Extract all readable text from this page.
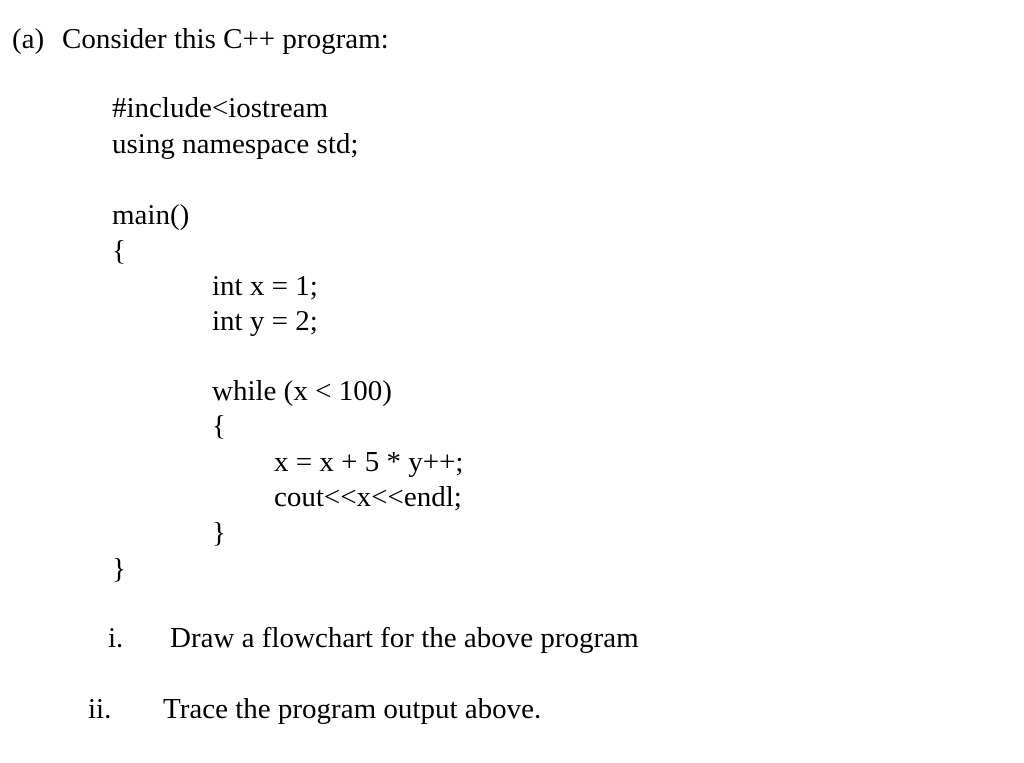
(a) Consider this C++ program:
#include<iostream
using namespace std;
main()
{
int x = 1;
int y = 2;
while (x < 100)
{
x = x + 5 * y++;
cout<<x<<endl;
}
}
i. Draw a flowchart for the above program
ii. Trace the program output above.
